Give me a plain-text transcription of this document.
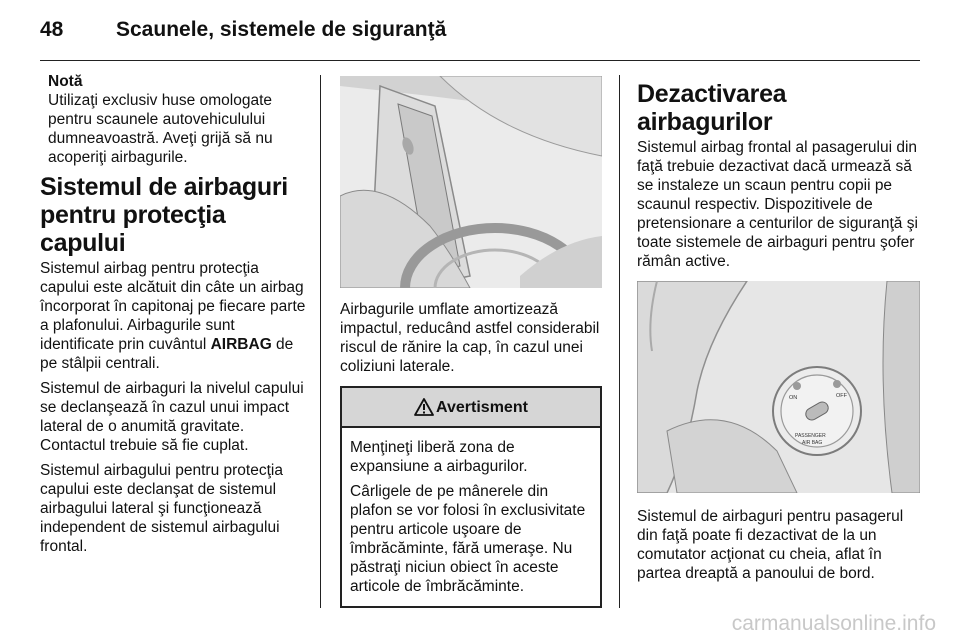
48	Scaunele, sistemele de siguranţă
Notă
Utilizaţi exclusiv huse omologate pentru scaunele autovehiculului dumneavoastră. Aveţi grijă să nu acoperiţi airbagurile.
Sistemul de airbaguri pentru protecţia capului

Sistemul airbag pentru protecţia capului este alcătuit din câte un airbag încorporat în capitonaj pe fiecare parte a plafonului. Airbagurile sunt identificate prin cuvântul AIRBAG de pe stâlpii centrali.

Sistemul de airbaguri la nivelul capului se declanşează în cazul unui impact lateral de o anumită gravitate. Contactul trebuie să fie cuplat.

Sistemul airbagului pentru protecţia capului este declanşat de sistemul airbagului lateral şi funcţionează independent de sistemul airbagului frontal.

Airbagurile umflate amortizează impactul, reducând astfel considerabil riscul de rănire la cap, în cazul unei coliziuni laterale.

Avertisment

Menţineţi liberă zona de expansiune a airbagurilor.

Cârligele de pe mânerele din plafon se vor folosi în exclusivitate pentru articole uşoare de îmbrăcăminte, fără umeraşe. Nu păstraţi niciun obiect în aceste articole de îmbrăcăminte.

Dezactivarea airbagurilor

Sistemul airbag frontal al pasagerului din faţă trebuie dezactivat dacă urmează să se instaleze un scaun pentru copii pe scaunul respectiv. Dispozitivele de pretensionare a centurilor de siguranţă şi toate sistemele de airbaguri pentru şofer rămân active.

ON	OFF
PASSENGER
AIR BAG

Sistemul de airbaguri pentru pasagerul din faţă poate fi dezactivat de la un comutator acţionat cu cheia, aflat în partea dreaptă a panoului de bord.

carmanualsonline.info
